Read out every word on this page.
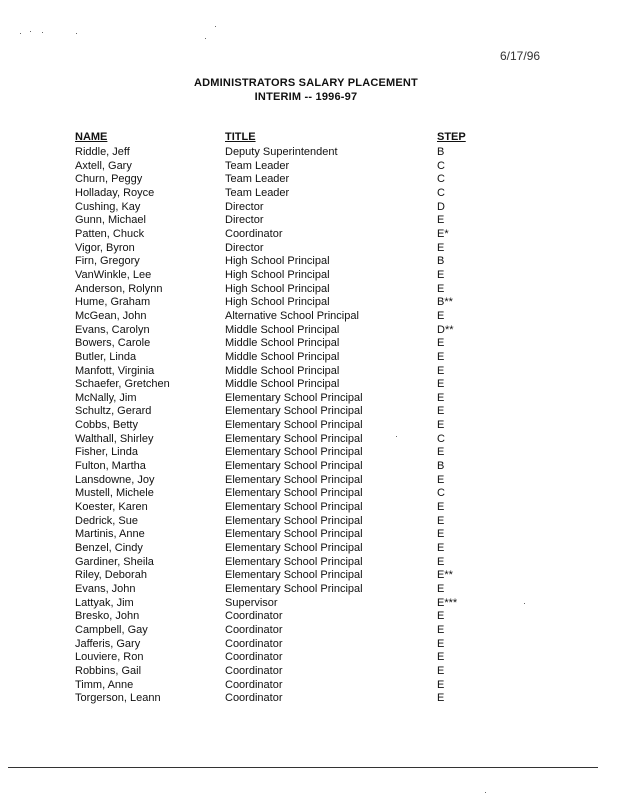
6/17/96
ADMINISTRATORS SALARY PLACEMENT
INTERIM -- 1996-97
NAME	TITLE	STEP
Riddle, Jeff	Deputy Superintendent	B
Axtell, Gary	Team Leader	C
Churn, Peggy	Team Leader	C
Holladay, Royce	Team Leader	C
Cushing, Kay	Director	D
Gunn, Michael	Director	E
Patten, Chuck	Coordinator	E*
Vigor, Byron	Director	E
Firn, Gregory	High School Principal	B
VanWinkle, Lee	High School Principal	E
Anderson, Rolynn	High School Principal	E
Hume, Graham	High School Principal	B**
McGean, John	Alternative School Principal	E
Evans, Carolyn	Middle School Principal	D**
Bowers, Carole	Middle School Principal	E
Butler, Linda	Middle School Principal	E
Manfott, Virginia	Middle School Principal	E
Schaefer, Gretchen	Middle School Principal	E
McNally, Jim	Elementary School Principal	E
Schultz, Gerard	Elementary School Principal	E
Cobbs, Betty	Elementary School Principal	E
Walthall, Shirley	Elementary School Principal	C
Fisher, Linda	Elementary School Principal	E
Fulton, Martha	Elementary School Principal	B
Lansdowne, Joy	Elementary School Principal	E
Mustell, Michele	Elementary School Principal	C
Koester, Karen	Elementary School Principal	E
Dedrick, Sue	Elementary School Principal	E
Martinis, Anne	Elementary School Principal	E
Benzel, Cindy	Elementary School Principal	E
Gardiner, Sheila	Elementary School Principal	E
Riley, Deborah	Elementary School Principal	E**
Evans, John	Elementary School Principal	E
Lattyak, Jim	Supervisor	E***
Bresko, John	Coordinator	E
Campbell, Gay	Coordinator	E
Jafferis, Gary	Coordinator	E
Louviere, Ron	Coordinator	E
Robbins, Gail	Coordinator	E
Timm, Anne	Coordinator	E
Torgerson, Leann	Coordinator	E
